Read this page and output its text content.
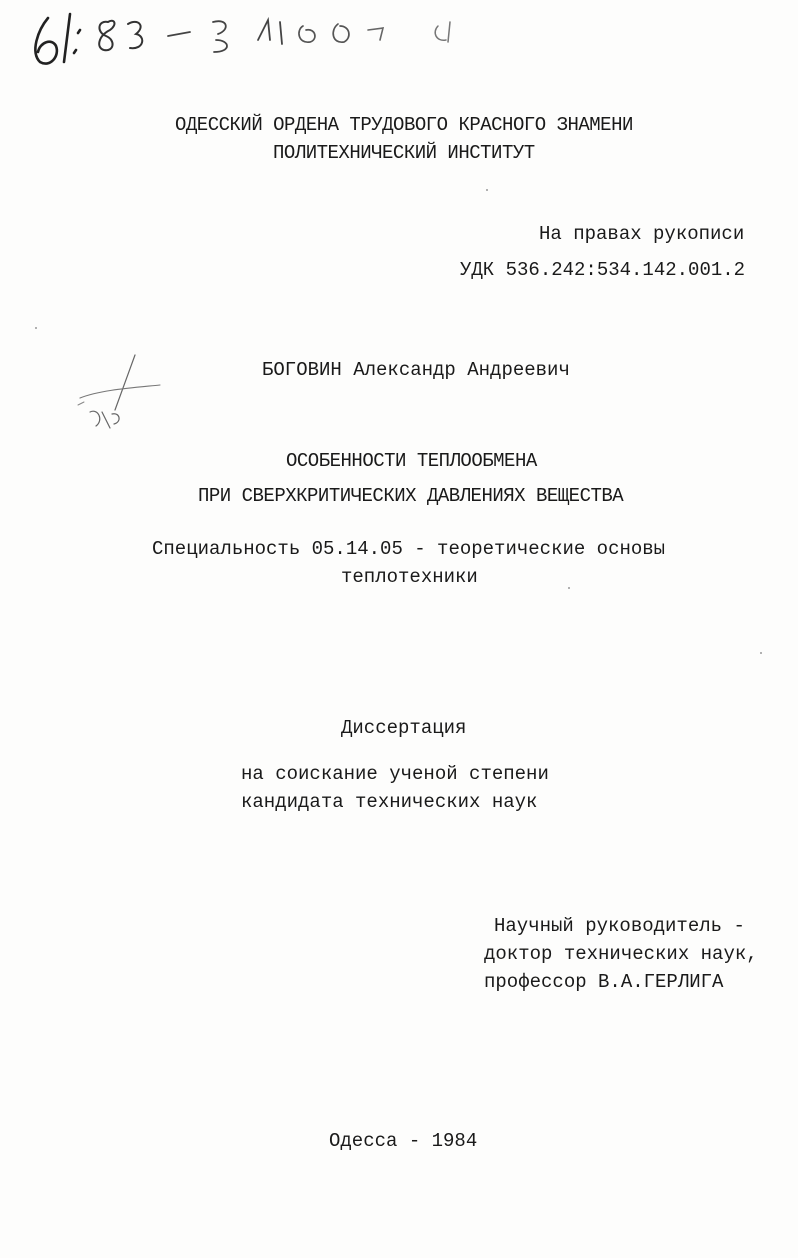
ОДЕССКИЙ ОРДЕНА ТРУДОВОГО КРАСНОГО ЗНАМЕНИ
ПОЛИТЕХНИЧЕСКИЙ ИНСТИТУТ
На правах рукописи
УДК 536.242:534.142.001.2
БОГОВИН Александр Андреевич
ОСОБЕННОСТИ ТЕПЛООБМЕНА
ПРИ СВЕРХКРИТИЧЕСКИХ ДАВЛЕНИЯХ ВЕЩЕСТВА
Специальность 05.14.05 - теоретические основы
теплотехники
Диссертация
на соискание ученой степени
кандидата технических наук
Научный руководитель -
доктор технических наук,
профессор В.А.ГЕРЛИГА
Одесса - 1984
